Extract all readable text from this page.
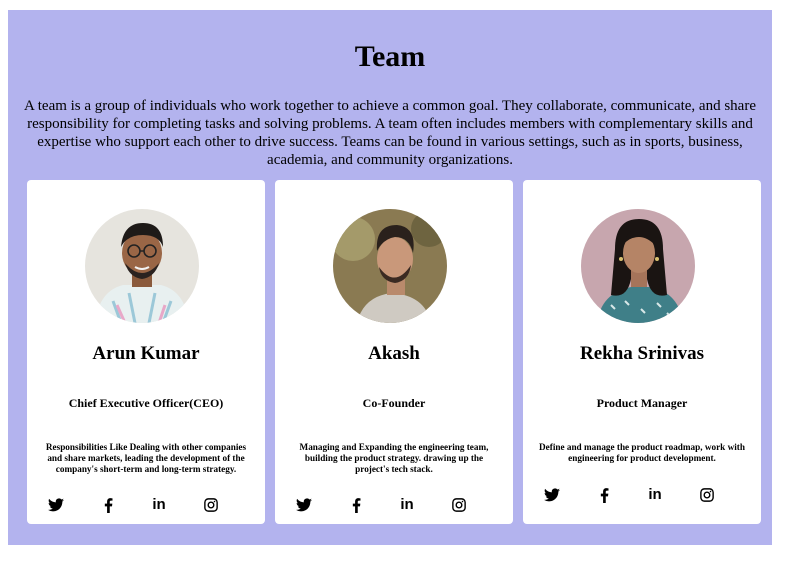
Team

A team is a group of individuals who work together to achieve a common goal. They collaborate, communicate, and share responsibility for completing tasks and solving problems. A team often includes members with complementary skills and expertise who support each other to drive success. Teams can be found in various settings, such as in sports, business, academia, and community organizations.

Arun Kumar
Chief Executive Officer(CEO)
Responsibilities Like Dealing with other companies and share markets, leading the development of the company's short-term and long-term strategy.
in
Akash
Co-Founder
Managing and Expanding the engineering team, building the product strategy. drawing up the project's tech stack.
in
Rekha Srinivas
Product Manager
Define and manage the product roadmap, work with engineering for product development.
in
